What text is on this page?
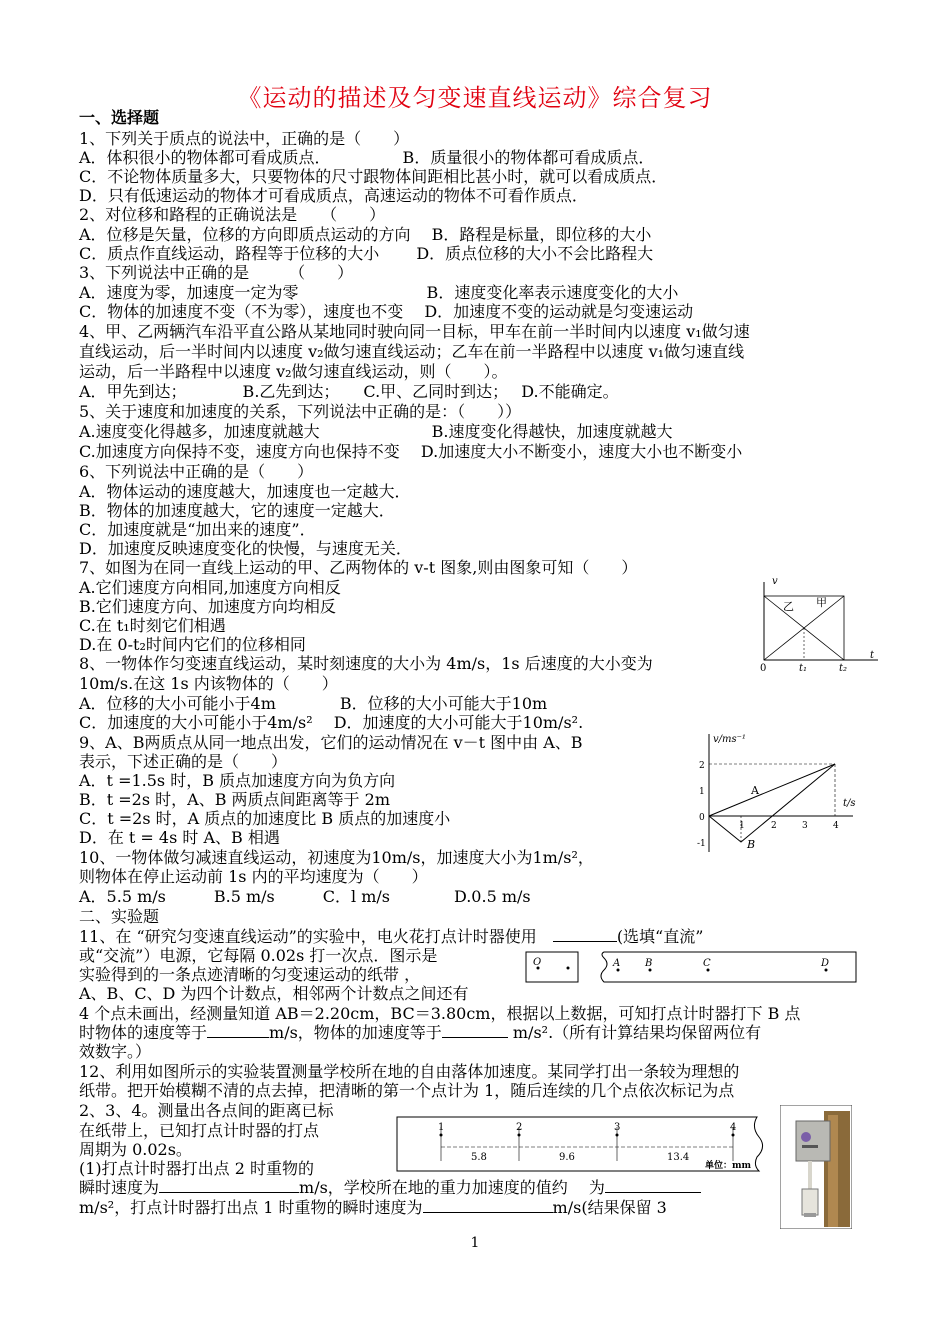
《运动的描述及匀变速直线运动》综合复习
一、选择题
1、下列关于质点的说法中，正确的是（　　）
A．体积很小的物体都可看成质点．　　　　　B．质量很小的物体都可看成质点．
C．不论物体质量多大，只要物体的尺寸跟物体间距相比甚小时，就可以看成质点．
D．只有低速运动的物体才可看成质点，高速运动的物体不可看作质点．
2、对位移和路程的正确说法是　　（　　）
A．位移是矢量，位移的方向即质点运动的方向　 B．路程是标量，即位移的大小
C．质点作直线运动，路程等于位移的大小　　 D．质点位移的大小不会比路程大
3、下列说法中正确的是　　　（　　）
A．速度为零，加速度一定为零　　　　　　　　B．速度变化率表示速度变化的大小
C．物体的加速度不变（不为零），速度也不变　 D．加速度不变的运动就是匀变速运动
4、甲、乙两辆汽车沿平直公路从某地同时驶向同一目标，甲车在前一半时间内以速度 v₁做匀速
直线运动，后一半时间内以速度 v₂做匀速直线运动；乙车在前一半路程中以速度 v₁做匀速直线
运动，后一半路程中以速度 v₂做匀速直线运动，则（　　）。
A．甲先到达；　　　　B.乙先到达；　　C.甲、乙同时到达；　 D.不能确定。
5、关于速度和加速度的关系，下列说法中正确的是：（　　））
A.速度变化得越多，加速度就越大　　　　　　　B.速度变化得越快，加速度就越大
C.加速度方向保持不变，速度方向也保持不变　 D.加速度大小不断变小，速度大小也不断变小
6、下列说法中正确的是（　　）
A．物体运动的速度越大，加速度也一定越大．
B．物体的加速度越大，它的速度一定越大．
C．加速度就是“加出来的速度”．
D．加速度反映速度变化的快慢，与速度无关．
7、如图为在同一直线上运动的甲、乙两物体的 v-t 图象,则由图象可知（　　）
A.它们速度方向相同,加速度方向相反
B.它们速度方向、加速度方向均相反
C.在 t₁时刻它们相遇
D.在 0-t₂时间内它们的位移相同
v
乙 甲
0	t₁	t₂
t
8、一物体作匀变速直线运动，某时刻速度的大小为 4m/s，1s 后速度的大小变为
10m/s.在这 1s 内该物体的（　　）
A．位移的大小可能小于4m　　　　B．位移的大小可能大于10m
C．加速度的大小可能小于4m/s²　 D．加速度的大小可能大于10m/s².
9、A、B两质点从同一地点出发，它们的运动情况在 v－t 图中由 A、B
表示，下述正确的是（　　）
A．t =1.5s 时，B 质点加速度方向为负方向
B．t =2s 时，A、B 两质点间距离等于 2m
C．t =2s 时，A 质点的加速度比 B 质点的加速度小
D．在 t = 4s 时 A、B 相遇
v/ms⁻¹
t/s
2
1
0
-1
1	2	3	4
A
B
10、一物体做匀减速直线运动，初速度为10m/s，加速度大小为1m/s²，
则物体在停止运动前 1s 内的平均速度为（　　）
A．5.5 m/s　　　B.5 m/s　　　C．l m/s　　　　D.0.5 m/s
二、实验题
11、在 “研究匀变速直线运动”的实验中，电火花打点计时器使用　	(选填“直流”
或“交流”）电源，它每隔 0.02s 打一次点．图示是
实验得到的一条点迹清晰的匀变速运动的纸带 ，
A、B、C、D 为四个计数点，相邻两个计数点之间还有
O	A B	C	D
4 个点未画出，经测量知道 AB＝2.20cm，BC＝3.80cm，根据以上数据，可知打点计时器打下 B 点
时物体的速度等于	m/s，物体的加速度等于	m/s².（所有计算结果均保留两位有
效数字。）
12、利用如图所示的实验装置测量学校所在地的自由落体加速度。某同学打出一条较为理想的
纸带。把开始模糊不清的点去掉，把清晰的第一个点计为 1，随后连续的几个点依次标记为点
2、3、4。测量出各点间的距离已标
在纸带上，已知打点计时器的打点
周期为 0.02s。
(1)打点计时器打出点 2 时重物的
瞬时速度为	m/s，学校所在地的重力加速度的值约　 为
m/s²，打点计时器打出点 1 时重物的瞬时速度为	m/s(结果保留 3
1	2	3	4
5.8	9.6	13.4
单位：mm
1
